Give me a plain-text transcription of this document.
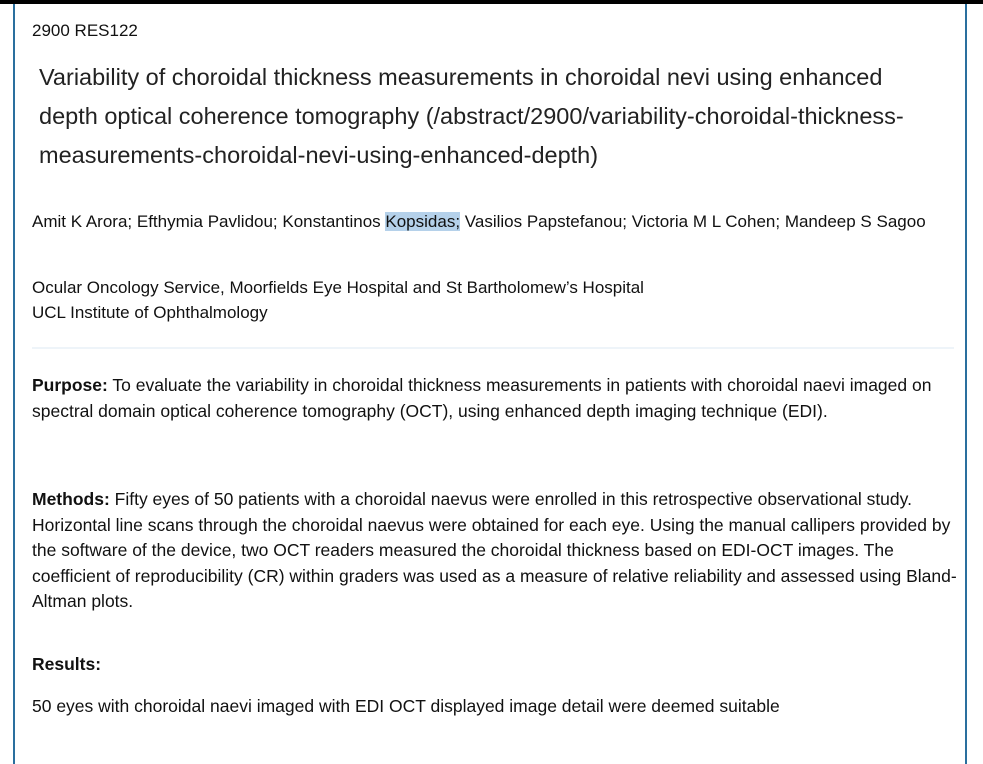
2900 RES122
Variability of choroidal thickness measurements in choroidal nevi using enhanced depth optical coherence tomography (/abstract/2900/variability-choroidal-thickness-measurements-choroidal-nevi-using-enhanced-depth)
Amit K Arora; Efthymia Pavlidou; Konstantinos Kopsidas; Vasilios Papstefanou; Victoria M L Cohen; Mandeep S Sagoo
Ocular Oncology Service, Moorfields Eye Hospital and St Bartholomew’s Hospital
UCL Institute of Ophthalmology
Purpose: To evaluate the variability in choroidal thickness measurements in patients with choroidal naevi imaged on spectral domain optical coherence tomography (OCT), using enhanced depth imaging technique (EDI).
Methods: Fifty eyes of 50 patients with a choroidal naevus were enrolled in this retrospective observational study. Horizontal line scans through the choroidal naevus were obtained for each eye. Using the manual callipers provided by the software of the device, two OCT readers measured the choroidal thickness based on EDI-OCT images. The coefficient of reproducibility (CR) within graders was used as a measure of relative reliability and assessed using Bland-Altman plots.
Results:
50 eyes with choroidal naevi imaged with EDI OCT displayed image detail were deemed suitable
